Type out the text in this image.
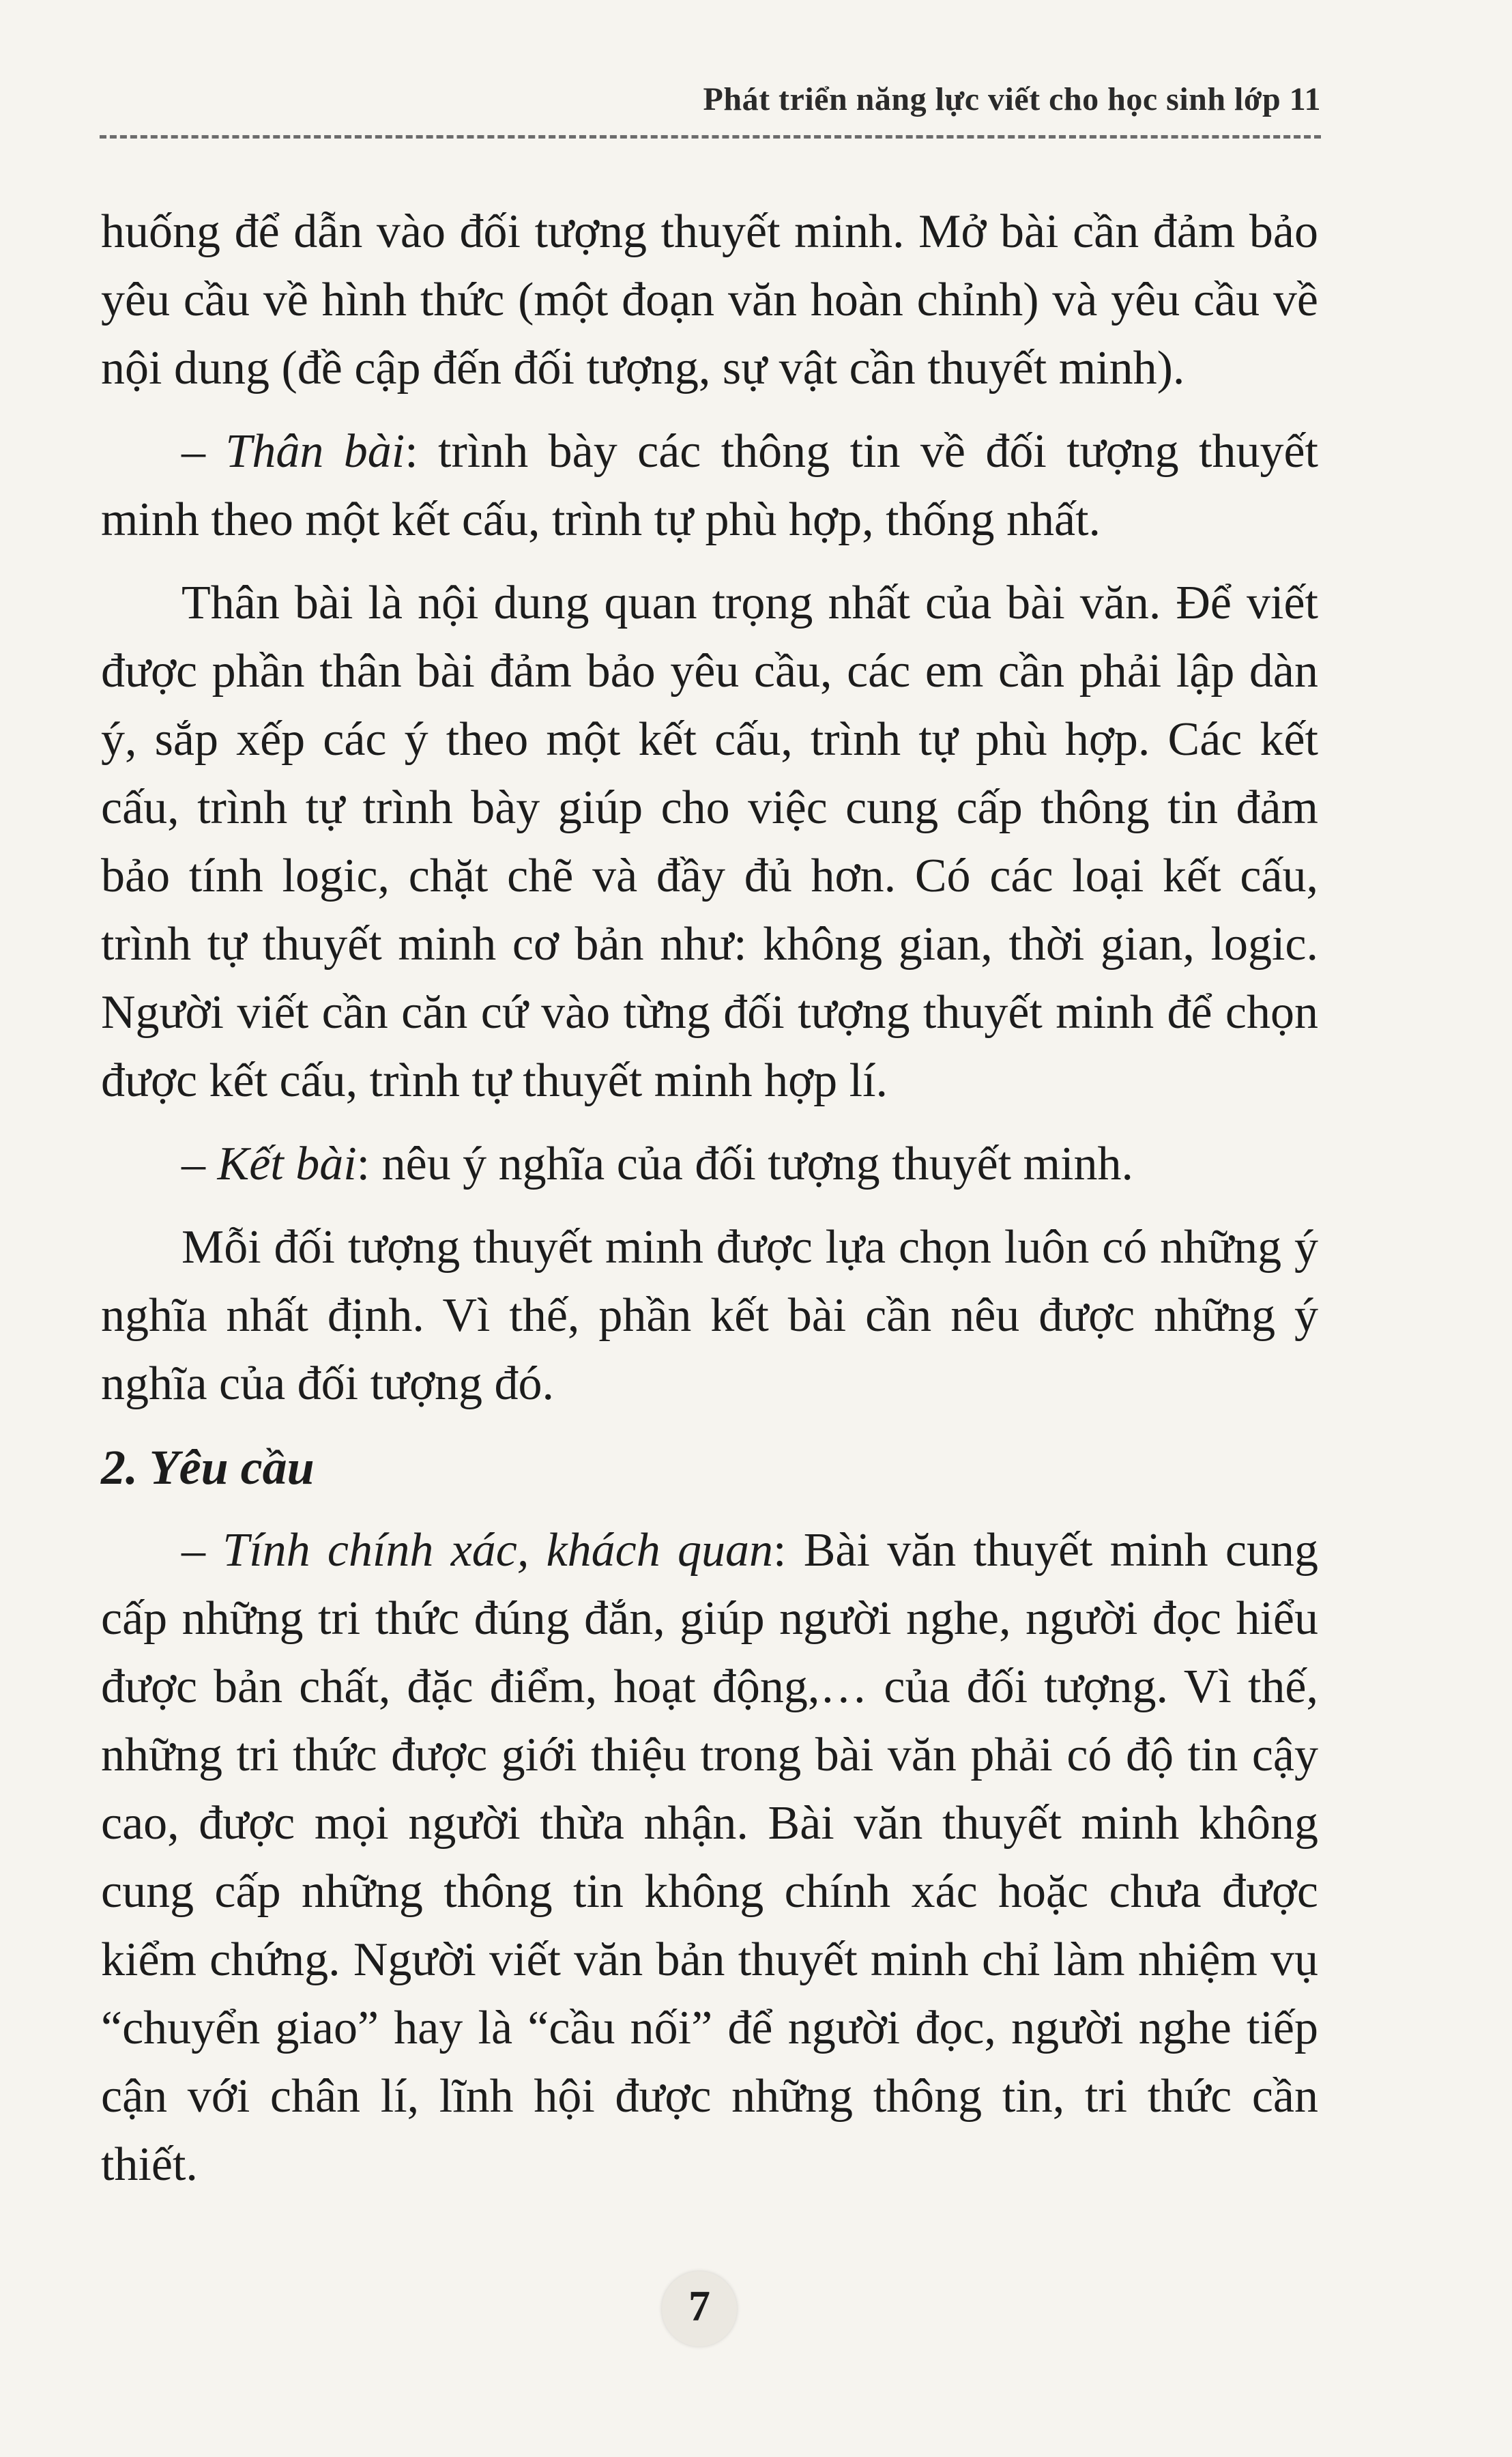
Phát triển năng lực viết cho học sinh lớp 11

huống để dẫn vào đối tượng thuyết minh. Mở bài cần đảm bảo yêu cầu về hình thức (một đoạn văn hoàn chỉnh) và yêu cầu về nội dung (đề cập đến đối tượng, sự vật cần thuyết minh).

– Thân bài: trình bày các thông tin về đối tượng thuyết minh theo một kết cấu, trình tự phù hợp, thống nhất.

Thân bài là nội dung quan trọng nhất của bài văn. Để viết được phần thân bài đảm bảo yêu cầu, các em cần phải lập dàn ý, sắp xếp các ý theo một kết cấu, trình tự phù hợp. Các kết cấu, trình tự trình bày giúp cho việc cung cấp thông tin đảm bảo tính logic, chặt chẽ và đầy đủ hơn. Có các loại kết cấu, trình tự thuyết minh cơ bản như: không gian, thời gian, logic. Người viết cần căn cứ vào từng đối tượng thuyết minh để chọn được kết cấu, trình tự thuyết minh hợp lí.

– Kết bài: nêu ý nghĩa của đối tượng thuyết minh.

Mỗi đối tượng thuyết minh được lựa chọn luôn có những ý nghĩa nhất định. Vì thế, phần kết bài cần nêu được những ý nghĩa của đối tượng đó.

2. Yêu cầu

– Tính chính xác, khách quan: Bài văn thuyết minh cung cấp những tri thức đúng đắn, giúp người nghe, người đọc hiểu được bản chất, đặc điểm, hoạt động,… của đối tượng. Vì thế, những tri thức được giới thiệu trong bài văn phải có độ tin cậy cao, được mọi người thừa nhận. Bài văn thuyết minh không cung cấp những thông tin không chính xác hoặc chưa được kiểm chứng. Người viết văn bản thuyết minh chỉ làm nhiệm vụ “chuyển giao” hay là “cầu nối” để người đọc, người nghe tiếp cận với chân lí, lĩnh hội được những thông tin, tri thức cần thiết.

7
